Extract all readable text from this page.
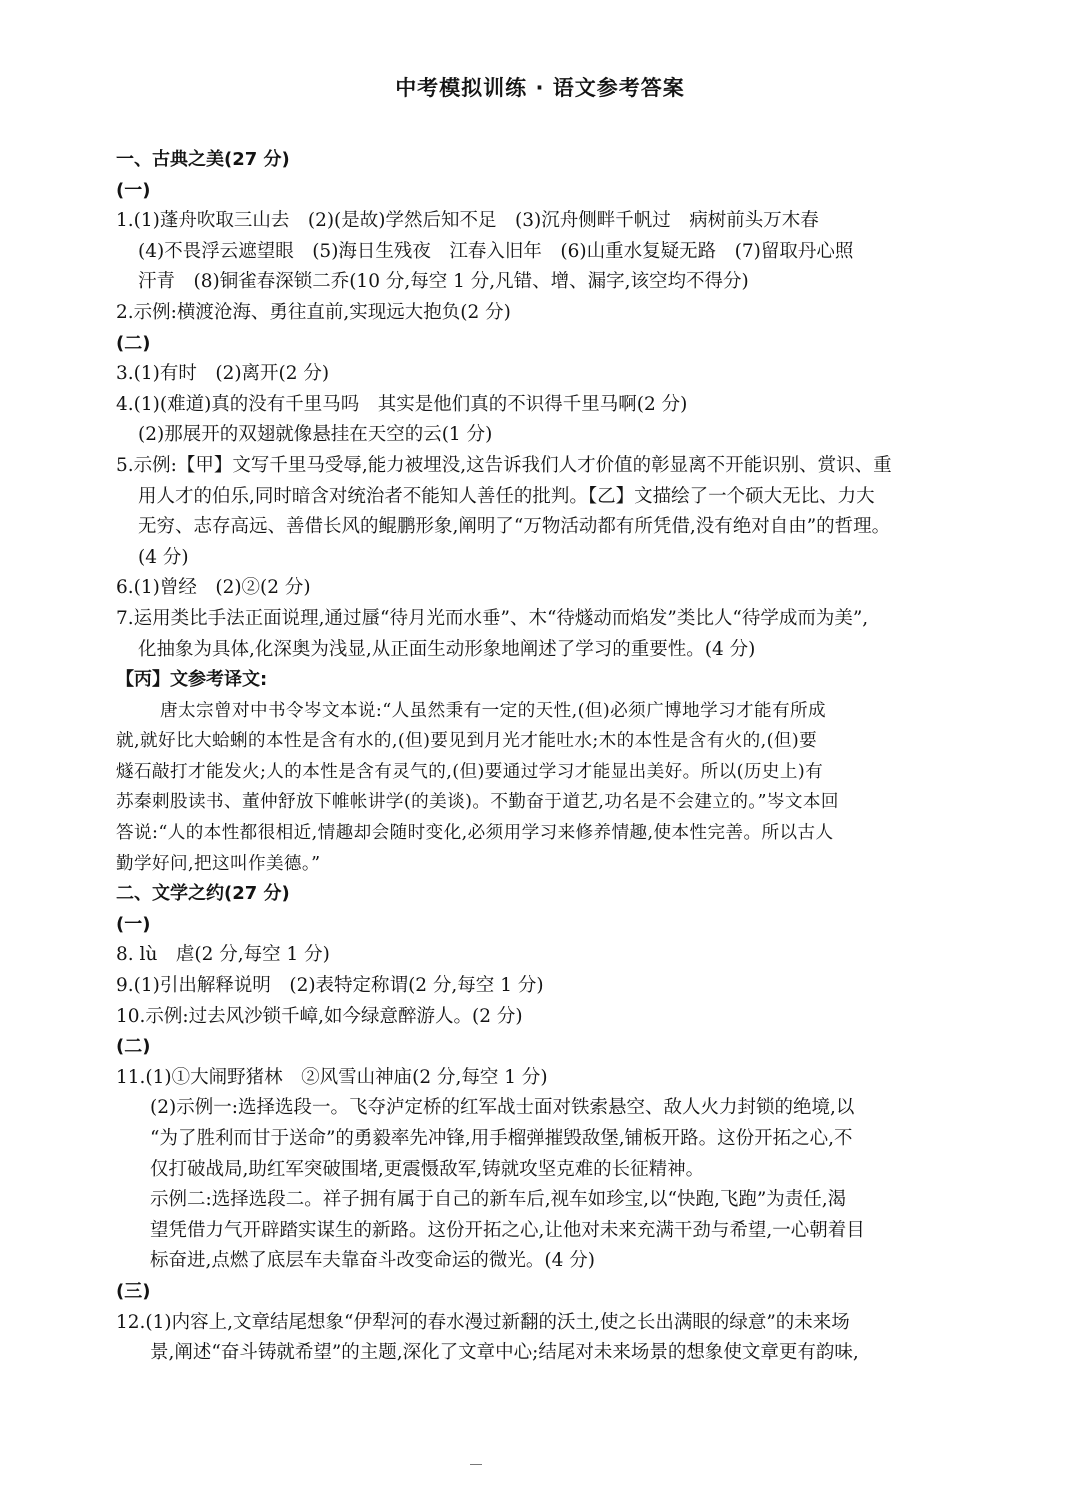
中考模拟训练 · 语文参考答案
一、古典之美(27 分)
(一)
1.(1)蓬舟吹取三山去　(2)(是故)学然后知不足　(3)沉舟侧畔千帆过　病树前头万木春
(4)不畏浮云遮望眼　(5)海日生残夜　江春入旧年　(6)山重水复疑无路　(7)留取丹心照
汗青　(8)铜雀春深锁二乔(10 分,每空 1 分,凡错、增、漏字,该空均不得分)
2.示例:横渡沧海、勇往直前,实现远大抱负(2 分)
(二)
3.(1)有时　(2)离开(2 分)
4.(1)(难道)真的没有千里马吗　其实是他们真的不识得千里马啊(2 分)
(2)那展开的双翅就像悬挂在天空的云(1 分)
5.示例:【甲】文写千里马受辱,能力被埋没,这告诉我们人才价值的彰显离不开能识别、赏识、重
用人才的伯乐,同时暗含对统治者不能知人善任的批判。【乙】文描绘了一个硕大无比、力大
无穷、志存高远、善借长风的鲲鹏形象,阐明了“万物活动都有所凭借,没有绝对自由”的哲理。
(4 分)
6.(1)曾经　(2)②(2 分)
7.运用类比手法正面说理,通过蜃“待月光而水垂”、木“待燧动而焰发”类比人“待学成而为美”,
化抽象为具体,化深奥为浅显,从正面生动形象地阐述了学习的重要性。(4 分)
【丙】文参考译文:
唐太宗曾对中书令岑文本说:“人虽然秉有一定的天性,(但)必须广博地学习才能有所成
就,就好比大蛤蜊的本性是含有水的,(但)要见到月光才能吐水;木的本性是含有火的,(但)要
燧石敲打才能发火;人的本性是含有灵气的,(但)要通过学习才能显出美好。所以(历史上)有
苏秦刺股读书、董仲舒放下帷帐讲学(的美谈)。不勤奋于道艺,功名是不会建立的。”岑文本回
答说:“人的本性都很相近,情趣却会随时变化,必须用学习来修养情趣,使本性完善。所以古人
勤学好问,把这叫作美德。”
二、文学之约(27 分)
(一)
8. lù　虐(2 分,每空 1 分)
9.(1)引出解释说明　(2)表特定称谓(2 分,每空 1 分)
10.示例:过去风沙锁千嶂,如今绿意醉游人。(2 分)
(二)
11.(1)①大闹野猪林　②风雪山神庙(2 分,每空 1 分)
(2)示例一:选择选段一。飞夺泸定桥的红军战士面对铁索悬空、敌人火力封锁的绝境,以
“为了胜利而甘于送命”的勇毅率先冲锋,用手榴弹摧毁敌堡,铺板开路。这份开拓之心,不
仅打破战局,助红军突破围堵,更震慑敌军,铸就攻坚克难的长征精神。
示例二:选择选段二。祥子拥有属于自己的新车后,视车如珍宝,以“快跑,飞跑”为责任,渴
望凭借力气开辟踏实谋生的新路。这份开拓之心,让他对未来充满干劲与希望,一心朝着目
标奋进,点燃了底层车夫靠奋斗改变命运的微光。(4 分)
(三)
12.(1)内容上,文章结尾想象“伊犁河的春水漫过新翻的沃土,使之长出满眼的绿意”的未来场
景,阐述“奋斗铸就希望”的主题,深化了文章中心;结尾对未来场景的想象使文章更有韵味,
